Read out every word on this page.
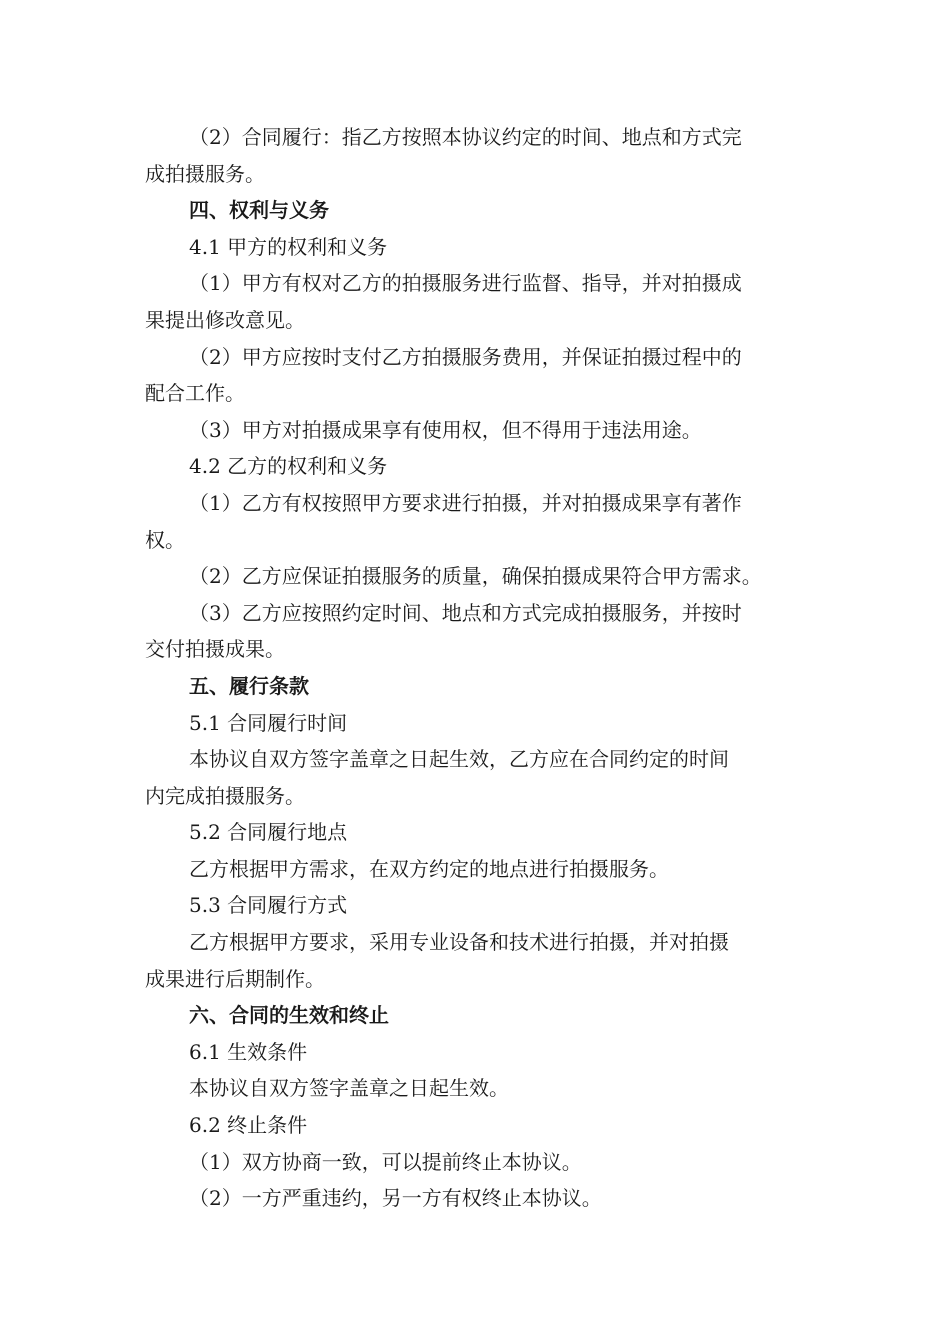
（2）合同履行：指乙方按照本协议约定的时间、地点和方式完
成拍摄服务。
四、权利与义务
4.1 甲方的权利和义务
（1）甲方有权对乙方的拍摄服务进行监督、指导，并对拍摄成
果提出修改意见。
（2）甲方应按时支付乙方拍摄服务费用，并保证拍摄过程中的
配合工作。
（3）甲方对拍摄成果享有使用权，但不得用于违法用途。
4.2 乙方的权利和义务
（1）乙方有权按照甲方要求进行拍摄，并对拍摄成果享有著作
权。
（2）乙方应保证拍摄服务的质量，确保拍摄成果符合甲方需求。
（3）乙方应按照约定时间、地点和方式完成拍摄服务，并按时
交付拍摄成果。
五、履行条款
5.1 合同履行时间
本协议自双方签字盖章之日起生效，乙方应在合同约定的时间
内完成拍摄服务。
5.2 合同履行地点
乙方根据甲方需求，在双方约定的地点进行拍摄服务。
5.3 合同履行方式
乙方根据甲方要求，采用专业设备和技术进行拍摄，并对拍摄
成果进行后期制作。
六、合同的生效和终止
6.1 生效条件
本协议自双方签字盖章之日起生效。
6.2 终止条件
（1）双方协商一致，可以提前终止本协议。
（2）一方严重违约，另一方有权终止本协议。
